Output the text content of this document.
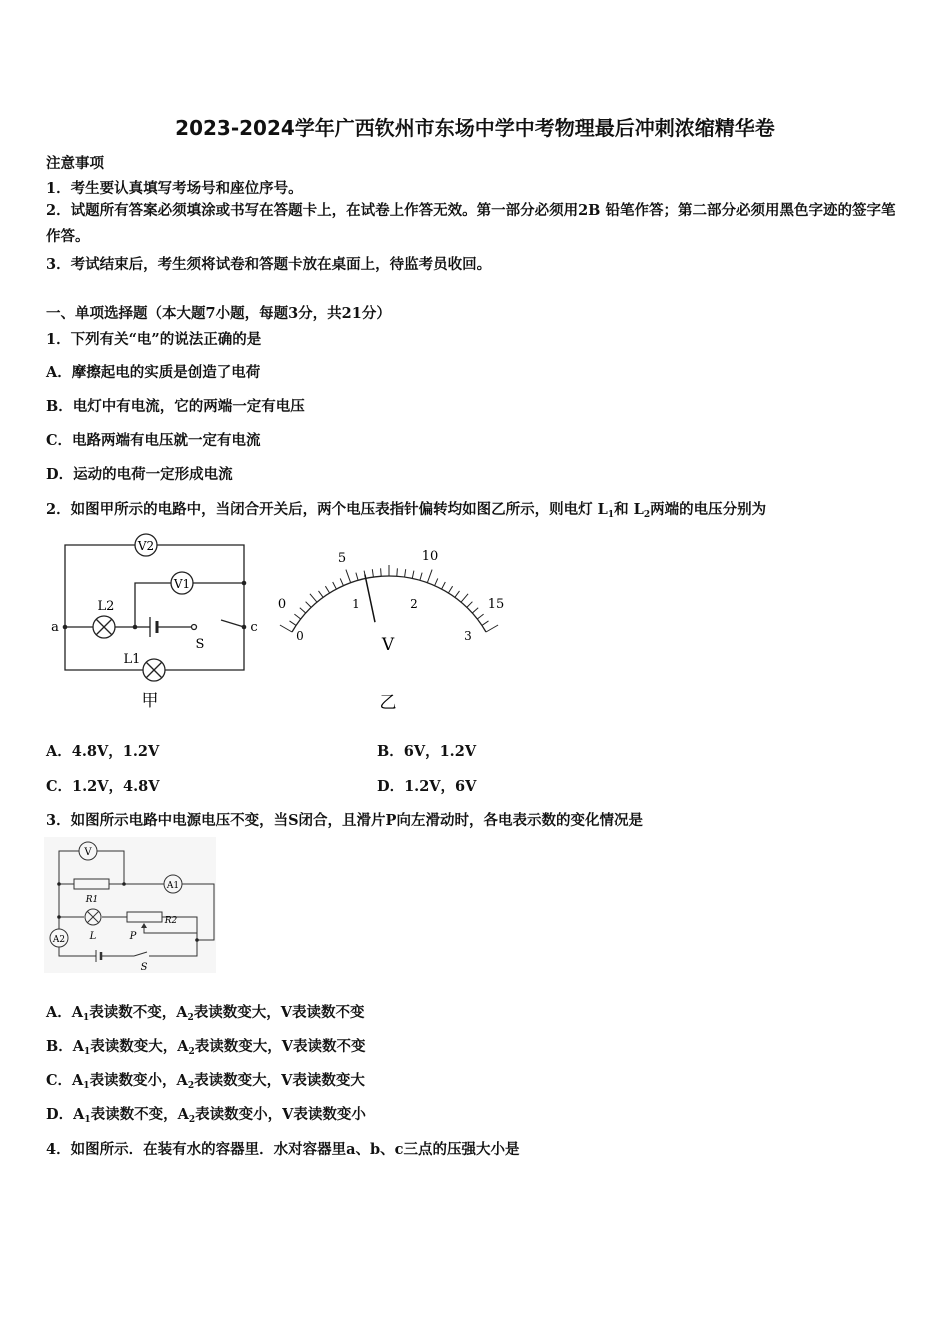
2023-2024学年广西钦州市东场中学中考物理最后冲刺浓缩精华卷
注意事项
1．考生要认真填写考场号和座位序号。
2．试题所有答案必须填涂或书写在答题卡上，在试卷上作答无效。第一部分必须用2B 铅笔作答；第二部分必须用黑色字迹的签字笔作答。
3．考试结束后，考生须将试卷和答题卡放在桌面上，待监考员收回。
一、单项选择题（本大题7小题，每题3分，共21分）
1．下列有关“电”的说法正确的是
A．摩擦起电的实质是创造了电荷
B．电灯中有电流，它的两端一定有电压
C．电路两端有电压就一定有电流
D．运动的电荷一定形成电流
2．如图甲所示的电路中，当闭合开关后，两个电压表指针偏转均如图乙所示，则电灯 $L_1$和 $L_2$两端的电压分别为
V2
V1
L2
L1
S
a	c
甲
0
5	10
15
0
1	2
3
V
乙
A．4.8V，1.2V	B．6V，1.2V
C．1.2V，4.8V	D．1.2V，6V
3．如图所示电路中电源电压不变，当S闭合，且滑片P向左滑动时，各电表示数的变化情况是
V
A1
A2
R1
R2
L	P
S
A．$A_1$表读数不变，$A_2$表读数变大，V表读数不变
B．$A_1$表读数变大，$A_2$表读数变大，V表读数不变
C．$A_1$表读数变小，$A_2$表读数变大，V表读数变大
D．$A_1$表读数不变，$A_2$表读数变小，V表读数变小
4．如图所示．在装有水的容器里．水对容器里a、b、c三点的压强大小是
